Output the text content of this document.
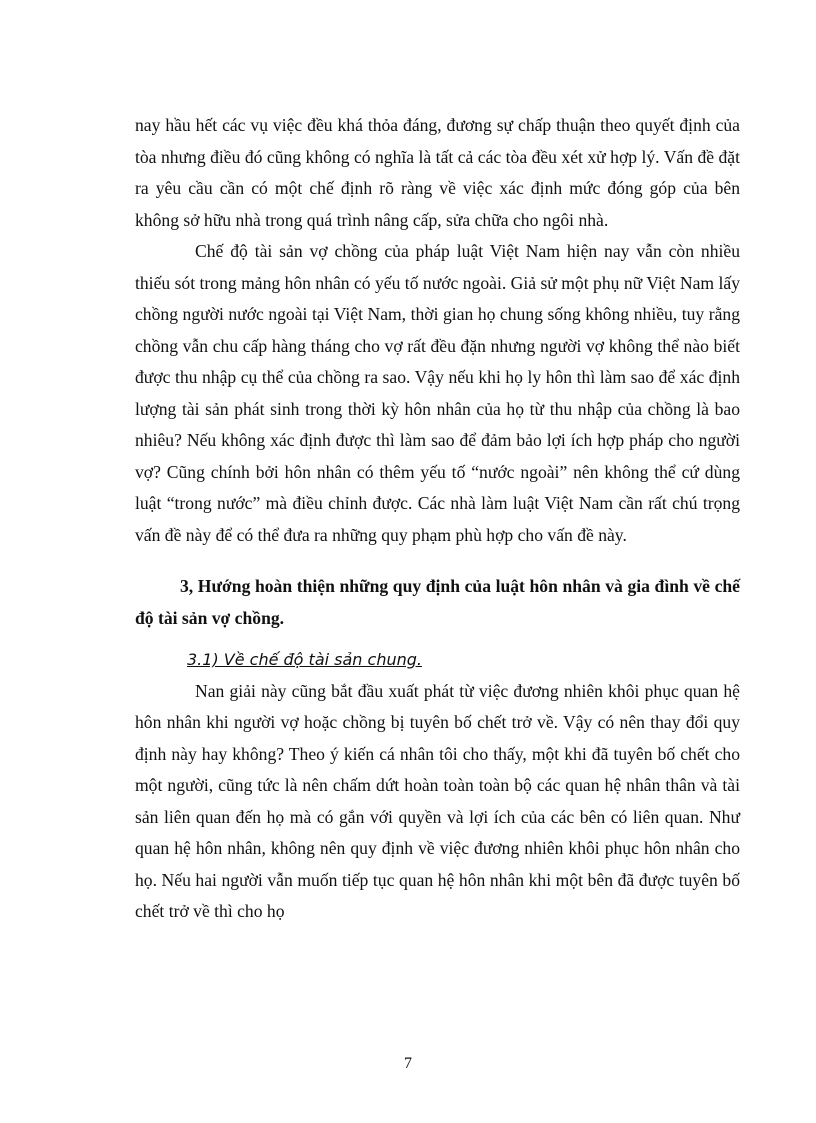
nay hầu hết các vụ việc đều khá thỏa đáng, đương sự chấp thuận theo quyết định của tòa nhưng điều đó cũng không có nghĩa là tất cả các tòa đều xét xử hợp lý. Vấn đề đặt ra yêu cầu cần có một chế định rõ ràng về việc xác định mức đóng góp của bên không sở hữu nhà trong quá trình nâng cấp, sửa chữa cho ngôi nhà.

Chế độ tài sản vợ chồng của pháp luật Việt Nam hiện nay vẫn còn nhiều thiếu sót trong mảng hôn nhân có yếu tố nước ngoài. Giả sử một phụ nữ Việt Nam lấy chồng người nước ngoài tại Việt Nam, thời gian họ chung sống không nhiều, tuy rằng chồng vẫn chu cấp hàng tháng cho vợ rất đều đặn nhưng người vợ không thể nào biết được thu nhập cụ thể của chồng ra sao. Vậy nếu khi họ ly hôn thì làm sao để xác định lượng tài sản phát sinh trong thời kỳ hôn nhân của họ từ thu nhập của chồng là bao nhiêu? Nếu không xác định được thì làm sao để đảm bảo lợi ích hợp pháp cho người vợ? Cũng chính bởi hôn nhân có thêm yếu tố “nước ngoài” nên không thể cứ dùng luật “trong nước” mà điều chỉnh được. Các nhà làm luật Việt Nam cần rất chú trọng vấn đề này để có thể đưa ra những quy phạm phù hợp cho vấn đề này.

3, Hướng hoàn thiện những quy định của luật hôn nhân và gia đình về chế độ tài sản vợ chồng.

3.1) Về chế độ tài sản chung.

Nan giải này cũng bắt đầu xuất phát từ việc đương nhiên khôi phục quan hệ hôn nhân khi người vợ hoặc chồng bị tuyên bố chết trở về. Vậy có nên thay đổi quy định này hay không? Theo ý kiến cá nhân tôi cho thấy, một khi đã tuyên bố chết cho một người, cũng tức là nên chấm dứt hoàn toàn toàn bộ các quan hệ nhân thân và tài sản liên quan đến họ mà có gắn với quyền và lợi ích của các bên có liên quan. Như quan hệ hôn nhân, không nên quy định về việc đương nhiên khôi phục hôn nhân cho họ. Nếu hai người vẫn muốn tiếp tục quan hệ hôn nhân khi một bên đã được tuyên bố chết trở về thì cho họ

7
